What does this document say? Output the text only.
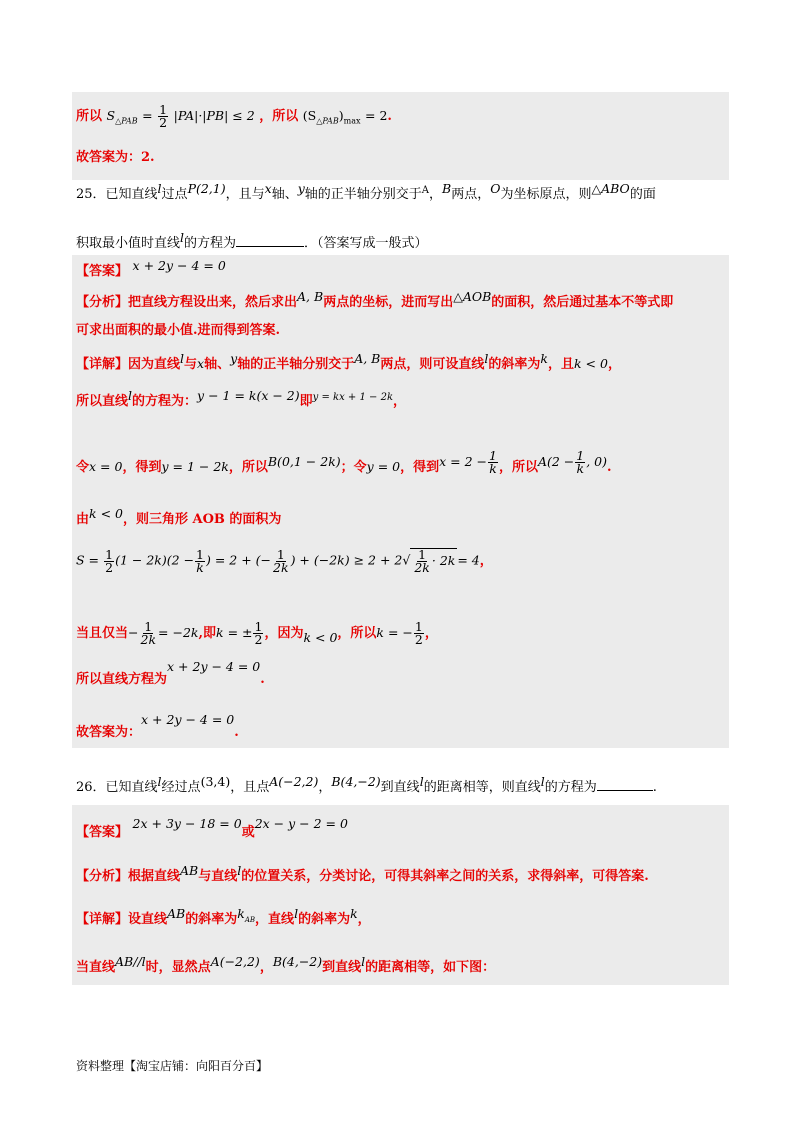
所以 $S_{\triangle PAB} = \frac{1}{2} |PA|\cdot|PB| \le 2$ ，所以 $(S_{\triangle PAB})_{max} = 2$.
故答案为：2.
25．已知直线l过点P(2,1)，且与x轴、y轴的正半轴分别交于$^A$，B两点，O为坐标原点，则△ABO的面
积取最小值时直线l的方程为	．（答案写成一般式）
【答案】 x + 2y − 4 = 0
【分析】把直线方程设出来，然后求出A, B两点的坐标，进而写出△AOB的面积，然后通过基本不等式即
可求出面积的最小值.进而得到答案.
【详解】因为直线l与x轴、y轴的正半轴分别交于A, B两点，则可设直线l的斜率为k，且k < 0，
所以直线l的方程为：y − 1 = k(x − 2)即$^{y = kx + 1 - 2k}$，
令x = 0，得到y = 1 − 2k，所以B(0,1 − 2k)；令y = 0，得到$x = 2 - \frac{1}{k}$ ，所以$A(2 - \frac{1}{k}$ , 0).
由k < 0，则三角形 AOB 的面积为
$S = \frac{1}{2} (1 - 2k)(2 - \frac{1}{k}$ ) = 2 + (− $\frac{1}{2k}$ ) + $(-2k) \ge 2 + 2√ \frac{1}{2k} \cdot 2k = 4$，
当且仅当− $\frac{1}{2k} = -2k$,即k = ± $\frac{1}{2}$ ，因为k < 0，所以k = − $\frac{1}{2}$ ，
所以直线方程为x + 2y − 4 = 0.
故答案为：x + 2y − 4 = 0.
26．已知直线l经过点(3,4)，且点A(−2,2)，B(4,−2)到直线l的距离相等，则直线l的方程为	.
【答案】 2x + 3y − 18 = 0或2x − y − 2 = 0
【分析】根据直线AB与直线l的位置关系，分类讨论，可得其斜率之间的关系，求得斜率，可得答案.
【详解】设直线AB的斜率为$k_{AB}$，直线l的斜率为k，
当直线AB//l时，显然点A(−2,2)，B(4,−2)到直线l的距离相等，如下图：
资料整理【淘宝店铺：向阳百分百】
